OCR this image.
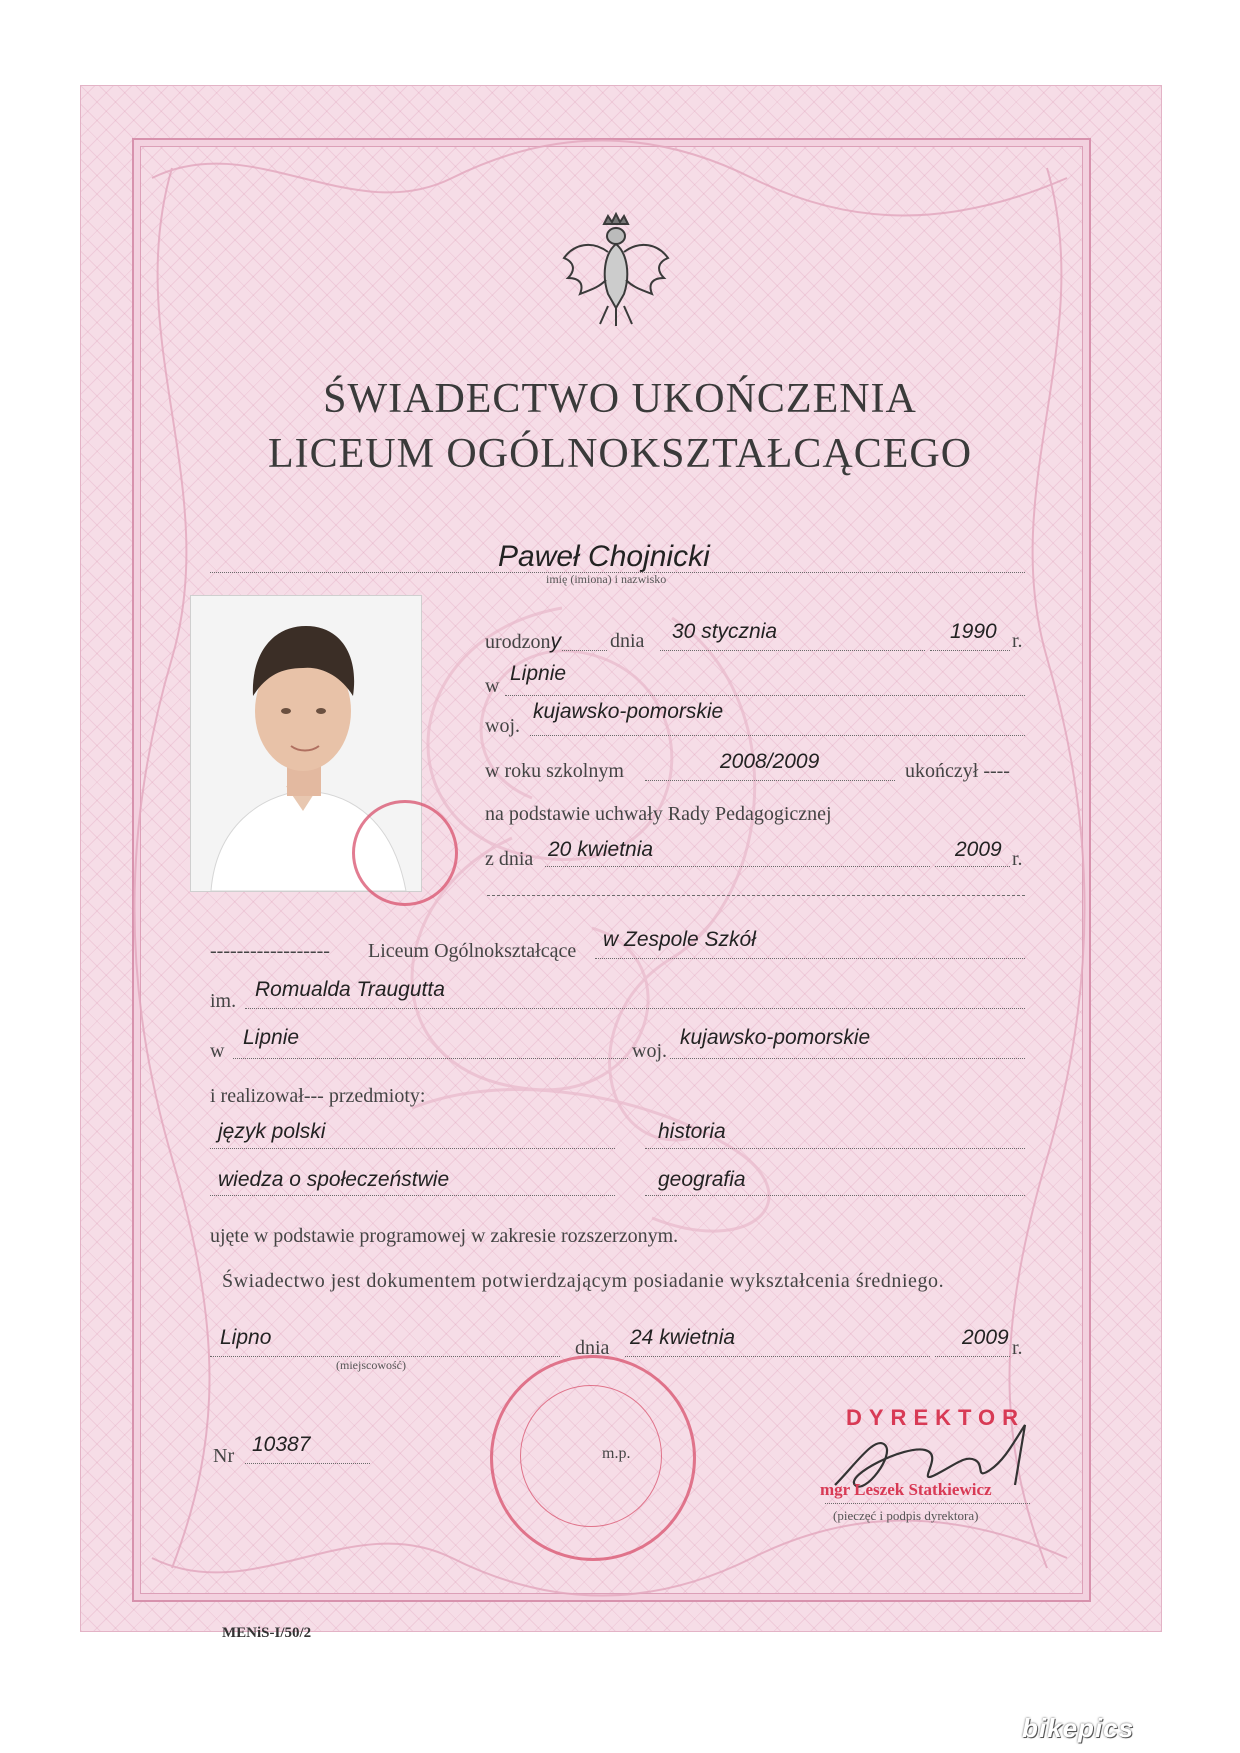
ŚWIADECTWO UKOŃCZENIA
LICEUM OGÓLNOKSZTAŁCĄCEGO
Paweł Chojnicki
imię (imiona) i nazwisko
urodzony dnia 30 stycznia	1990 r.
w
Lipnie
woj.
kujawsko-pomorskie
w roku szkolnym	2008/2009	ukończył ----
na podstawie uchwały Rady Pedagogicznej
z dnia 20 kwietnia	2009 r.
------------------ Liceum Ogólnokształcące w Zespole Szkół
im. Romualda Traugutta
w
Lipnie
woj.
kujawsko-pomorskie
i realizował--- przedmioty:
język polski	historia
wiedza o społeczeństwie	geografia
ujęte w podstawie programowej w zakresie rozszerzonym.
Świadectwo jest dokumentem potwierdzającym posiadanie wykształcenia średniego.
Lipno
(miejscowość)
dnia 24 kwietnia	2009 r.
m.p.
Nr 10387
DYREKTOR
mgr Leszek Statkiewicz
(pieczęć i podpis dyrektora)
MENiS-I/50/2
bikepics
